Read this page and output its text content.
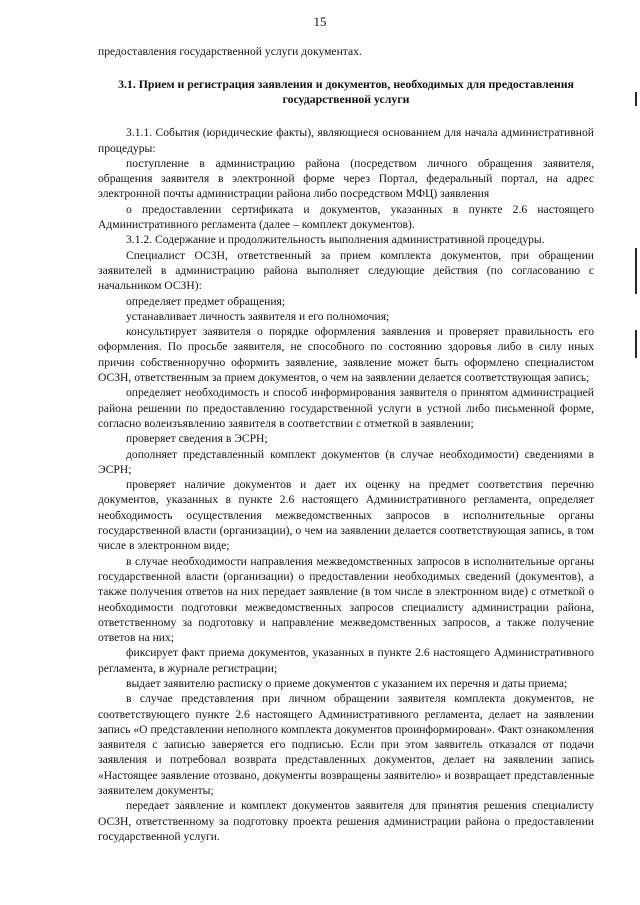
15

предоставления государственной услуги документах.

3.1. Прием и регистрация заявления и документов, необходимых для предоставления государственной услуги

3.1.1. События (юридические факты), являющиеся основанием для начала административной процедуры:

поступление в администрацию района (посредством личного обращения заявителя, обращения заявителя в электронной форме через Портал, федеральный портал, на адрес электронной почты администрации района либо посредством МФЦ) заявления

о предоставлении сертификата и документов, указанных в пункте 2.6 настоящего Административного регламента (далее – комплект документов).

3.1.2. Содержание и продолжительность выполнения административной процедуры.

Специалист ОСЗН, ответственный за прием комплекта документов, при обращении заявителей в администрацию района выполняет следующие действия (по согласованию с начальником ОСЗН):

определяет предмет обращения;

устанавливает личность заявителя и его полномочия;

консультирует заявителя о порядке оформления заявления и проверяет правильность его оформления. По просьбе заявителя, не способного по состоянию здоровья либо в силу иных причин собственноручно оформить заявление, заявление может быть оформлено специалистом ОСЗН, ответственным за прием документов, о чем на заявлении делается соответствующая запись;

определяет необходимость и способ информирования заявителя о принятом администрацией района решении по предоставлению государственной услуги в устной либо письменной форме, согласно волеизъявлению заявителя в соответствии с отметкой в заявлении;

проверяет сведения в ЭСРН;

дополняет представленный комплект документов (в случае необходимости) сведениями в ЭСРН;

проверяет наличие документов и дает их оценку на предмет соответствия перечню документов, указанных в пункте 2.6 настоящего Административного регламента, определяет необходимость осуществления межведомственных запросов в исполнительные органы государственной власти (организации), о чем на заявлении делается соответствующая запись, в том числе в электронном виде;

в случае необходимости направления межведомственных запросов в исполнительные органы государственной власти (организации) о предоставлении необходимых сведений (документов), а также получения ответов на них передает заявление (в том числе в электронном виде) с отметкой о необходимости подготовки межведомственных запросов специалисту администрации района, ответственному за подготовку и направление межведомственных запросов, а также получение ответов на них;

фиксирует факт приема документов, указанных в пункте 2.6 настоящего Административного регламента, в журнале регистрации;

выдает заявителю расписку о приеме документов с указанием их перечня и даты приема;

в случае представления при личном обращении заявителя комплекта документов, не соответствующего пункте 2.6 настоящего Административного регламента, делает на заявлении запись «О представлении неполного комплекта документов проинформирован». Факт ознакомления заявителя с записью заверяется его подписью. Если при этом заявитель отказался от подачи заявления и потребовал возврата представленных документов, делает на заявлении запись «Настоящее заявление отозвано, документы возвращены заявителю» и возвращает представленные заявителем документы;

передает заявление и комплект документов заявителя для принятия решения специалисту ОСЗН, ответственному за подготовку проекта решения администрации района о предоставлении государственной услуги.
